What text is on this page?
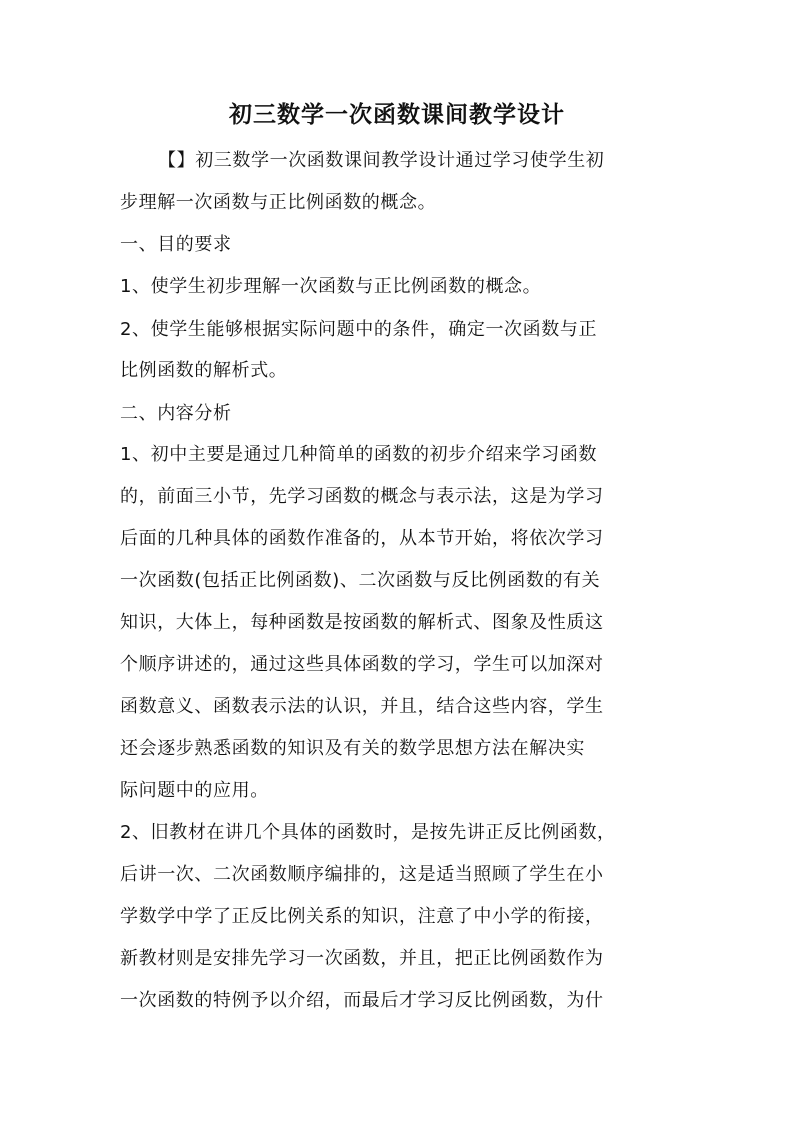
初三数学一次函数课间教学设计

【】初三数学一次函数课间教学设计通过学习使学生初

步理解一次函数与正比例函数的概念。

一、目的要求

1、使学生初步理解一次函数与正比例函数的概念。

2、使学生能够根据实际问题中的条件，确定一次函数与正

比例函数的解析式。

二、内容分析

1、初中主要是通过几种简单的函数的初步介绍来学习函数

的，前面三小节，先学习函数的概念与表示法，这是为学习

后面的几种具体的函数作准备的，从本节开始，将依次学习

一次函数(包括正比例函数)、二次函数与反比例函数的有关

知识，大体上，每种函数是按函数的解析式、图象及性质这

个顺序讲述的，通过这些具体函数的学习，学生可以加深对

函数意义、函数表示法的认识，并且，结合这些内容，学生

还会逐步熟悉函数的知识及有关的数学思想方法在解决实

际问题中的应用。

2、旧教材在讲几个具体的函数时，是按先讲正反比例函数，

后讲一次、二次函数顺序编排的，这是适当照顾了学生在小

学数学中学了正反比例关系的知识，注意了中小学的衔接，

新教材则是安排先学习一次函数，并且，把正比例函数作为

一次函数的特例予以介绍，而最后才学习反比例函数，为什
